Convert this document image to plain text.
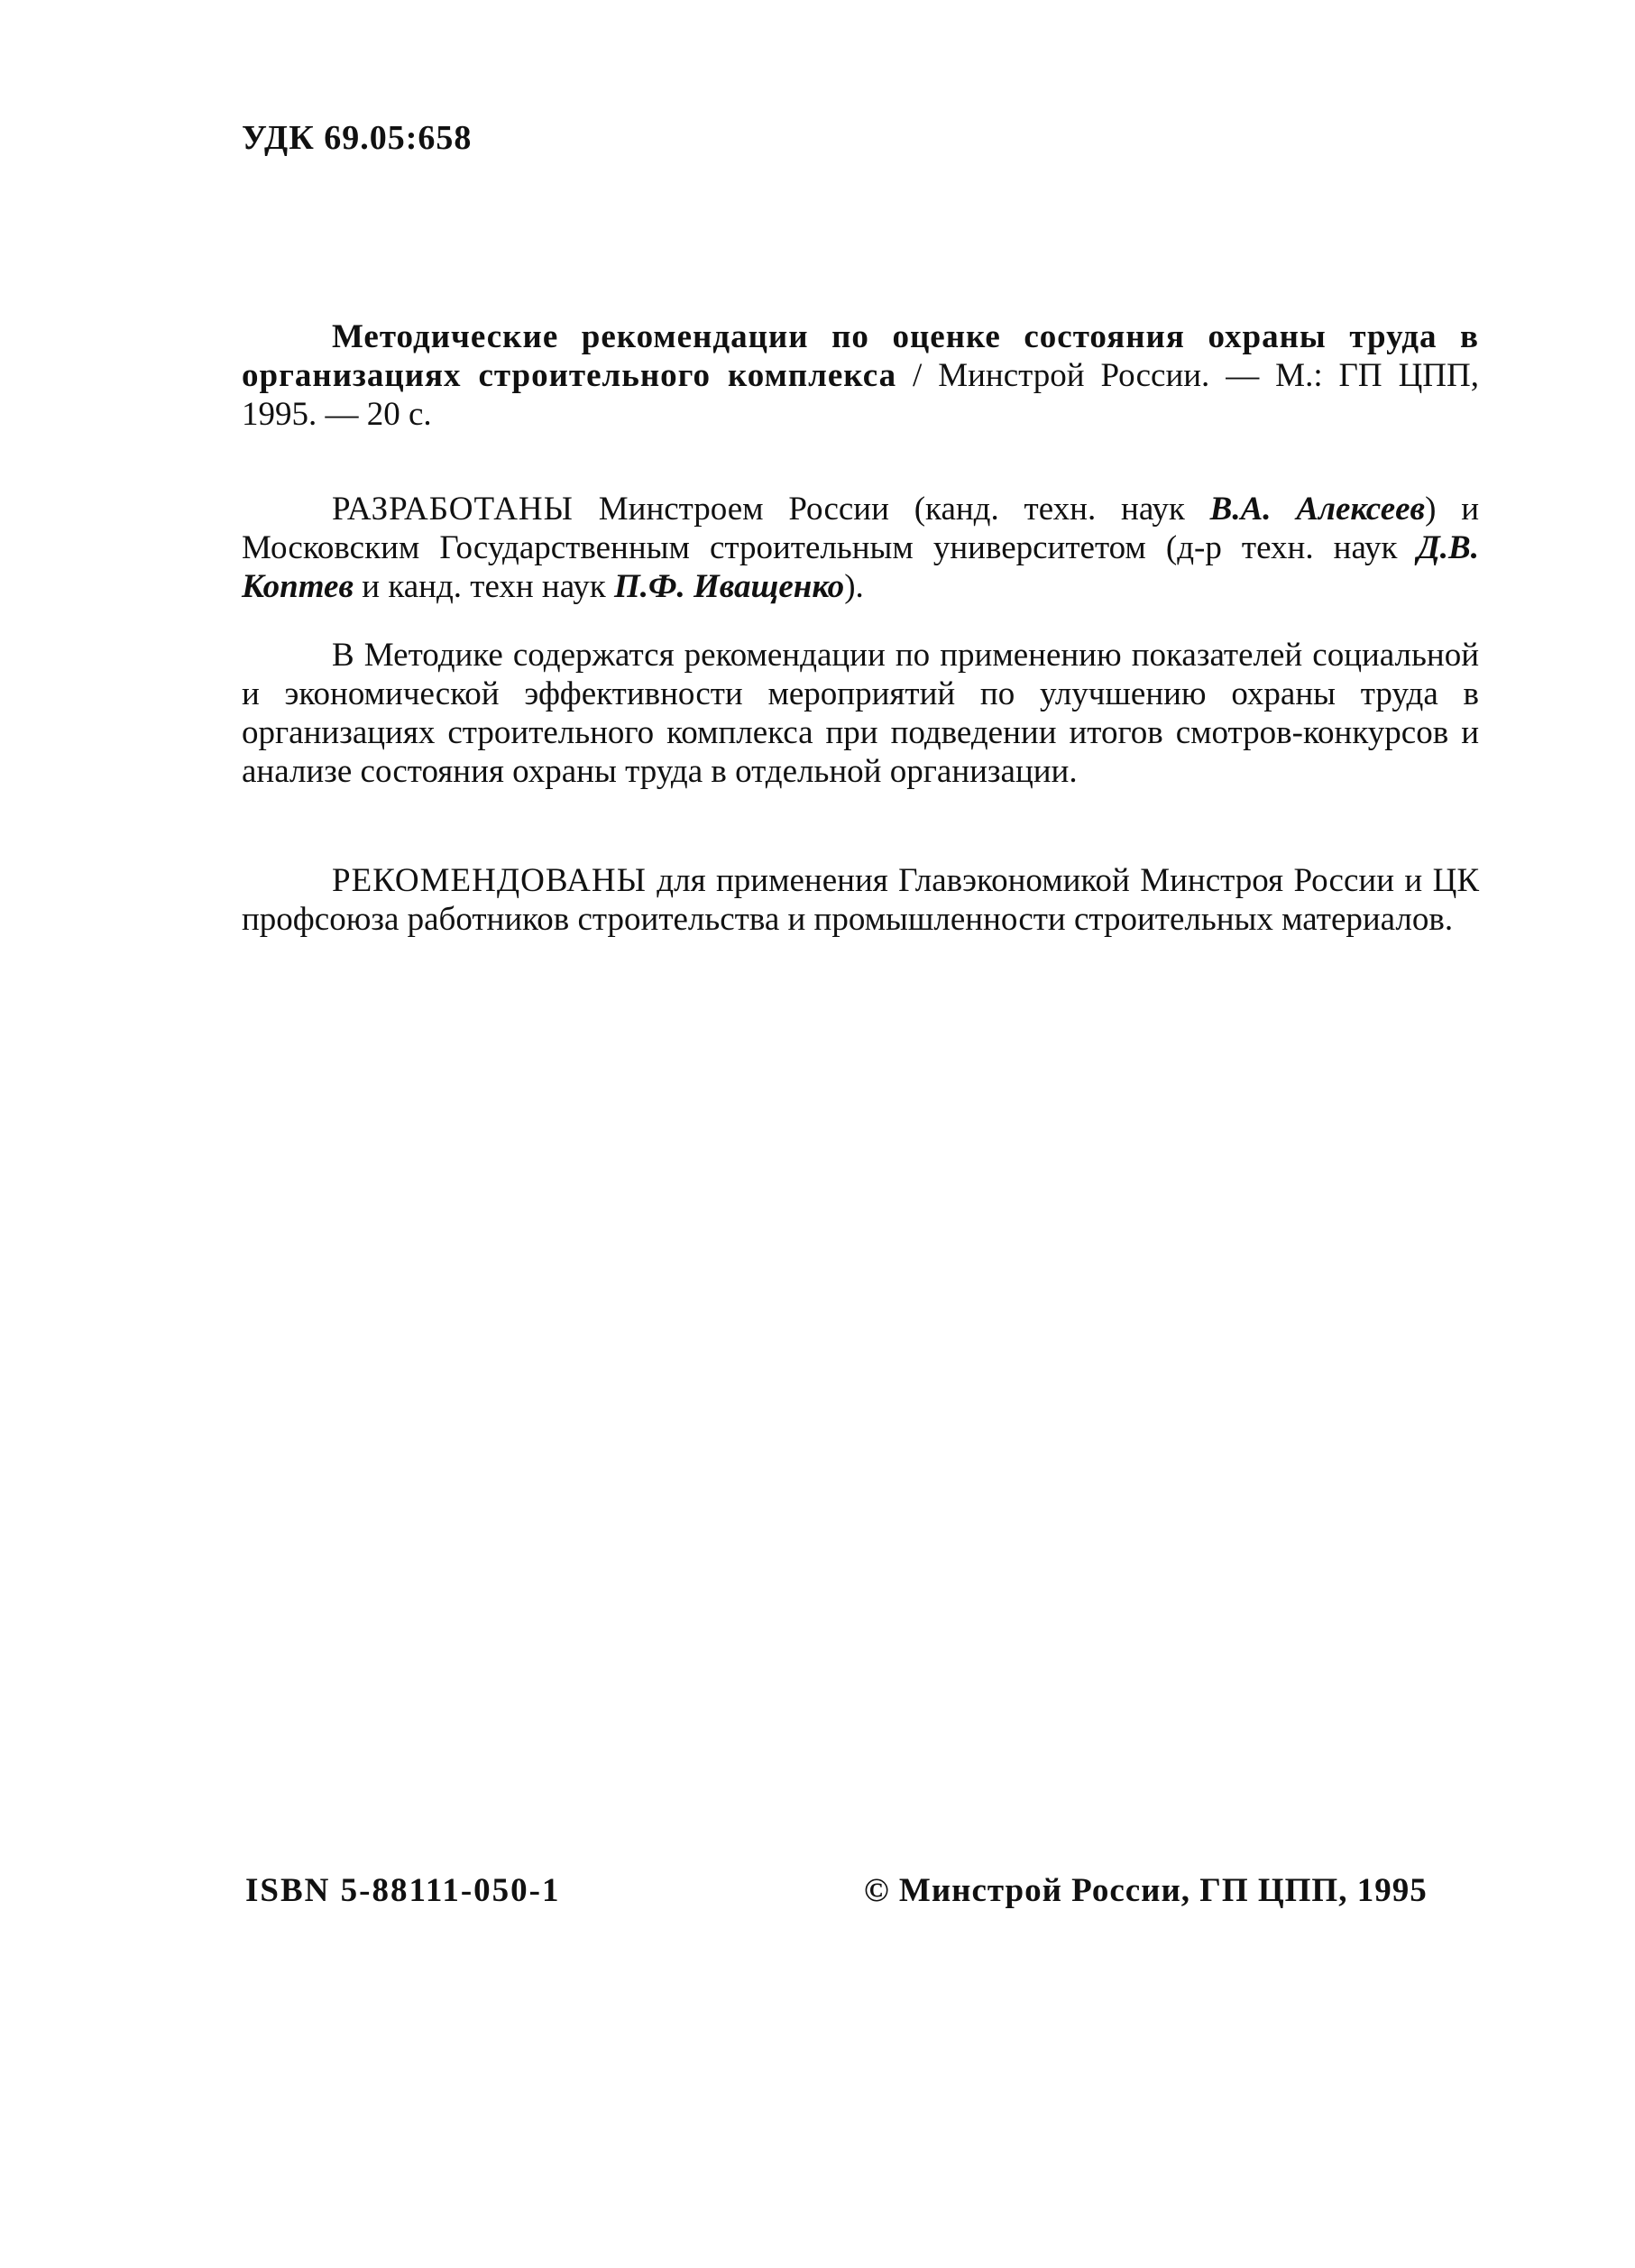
УДК 69.05:658

Методические рекомендации по оценке состояния охраны труда в организациях строительного комплекса / Минстрой России. — М.: ГП ЦПП, 1995. — 20 с.

РАЗРАБОТАНЫ Минстроем России (канд. техн. наук В.А. Алексеев) и Московским Государственным строительным университетом (д-р техн. наук Д.В. Коптев и канд. техн наук П.Ф. Иващенко).

В Методике содержатся рекомендации по применению показателей социальной и экономической эффективности мероприятий по улучшению охраны труда в организациях строительного комплекса при подведении итогов смотров-конкурсов и анализе состояния охраны труда в отдельной организации.

РЕКОМЕНДОВАНЫ для применения Главэкономикой Минстроя России и ЦК профсоюза работников строительства и промышленности строительных материалов.

ISBN 5-88111-050-1	© Минстрой России, ГП ЦПП, 1995
